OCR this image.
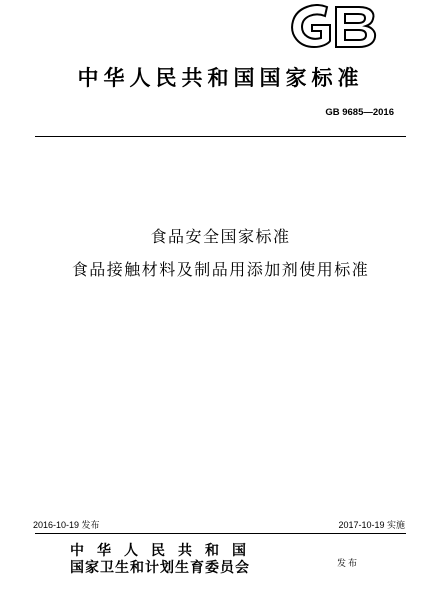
中华人民共和国国家标准
GB 9685—2016
食品安全国家标准
食品接触材料及制品用添加剂使用标准
2016-10-19 发布	2017-10-19 实施
中华人民共和国
国家卫生和计划生育委员会	发布
